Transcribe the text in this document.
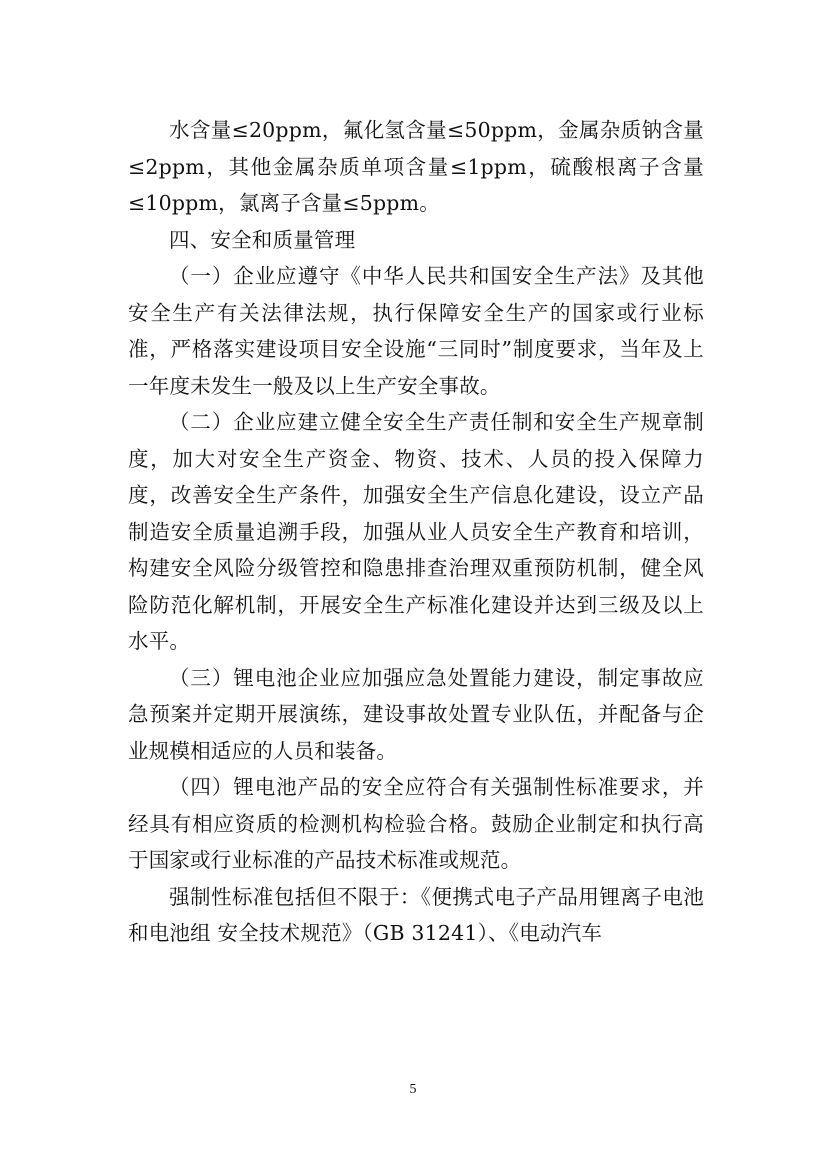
水含量≤20ppm，氟化氢含量≤50ppm，金属杂质钠含量≤2ppm，其他金属杂质单项含量≤1ppm，硫酸根离子含量≤10ppm，氯离子含量≤5ppm。

四、安全和质量管理

（一）企业应遵守《中华人民共和国安全生产法》及其他安全生产有关法律法规，执行保障安全生产的国家或行业标准，严格落实建设项目安全设施“三同时”制度要求，当年及上一年度未发生一般及以上生产安全事故。

（二）企业应建立健全安全生产责任制和安全生产规章制度，加大对安全生产资金、物资、技术、人员的投入保障力度，改善安全生产条件，加强安全生产信息化建设，设立产品制造安全质量追溯手段，加强从业人员安全生产教育和培训，构建安全风险分级管控和隐患排查治理双重预防机制，健全风险防范化解机制，开展安全生产标准化建设并达到三级及以上水平。

（三）锂电池企业应加强应急处置能力建设，制定事故应急预案并定期开展演练，建设事故处置专业队伍，并配备与企业规模相适应的人员和装备。

（四）锂电池产品的安全应符合有关强制性标准要求，并经具有相应资质的检测机构检验合格。鼓励企业制定和执行高于国家或行业标准的产品技术标准或规范。

强制性标准包括但不限于：《便携式电子产品用锂离子电池和电池组 安全技术规范》（GB 31241）、《电动汽车

5
